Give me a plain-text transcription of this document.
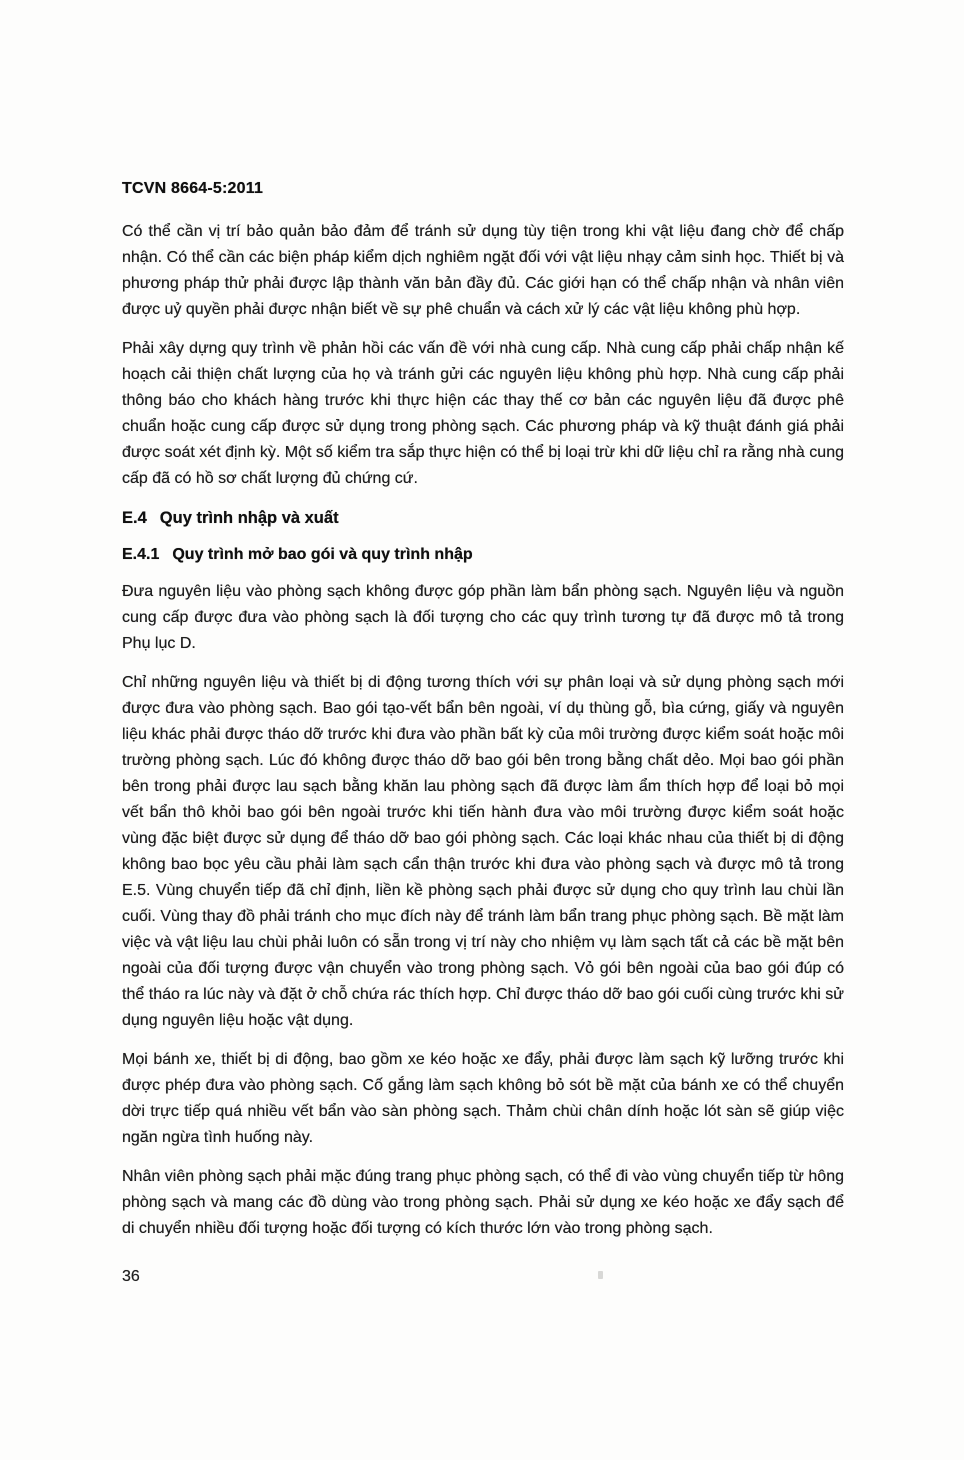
TCVN 8664-5:2011

Có thể cần vị trí bảo quản bảo đảm để tránh sử dụng tùy tiện trong khi vật liệu đang chờ để chấp nhận. Có thể cần các biện pháp kiểm dịch nghiêm ngặt đối với vật liệu nhạy cảm sinh học. Thiết bị và phương pháp thử phải được lập thành văn bản đầy đủ. Các giới hạn có thể chấp nhận và nhân viên được uỷ quyền phải được nhận biết về sự phê chuẩn và cách xử lý các vật liệu không phù hợp.

Phải xây dựng quy trình về phản hồi các vấn đề với nhà cung cấp. Nhà cung cấp phải chấp nhận kế hoạch cải thiện chất lượng của họ và tránh gửi các nguyên liệu không phù hợp. Nhà cung cấp phải thông báo cho khách hàng trước khi thực hiện các thay thế cơ bản các nguyên liệu đã được phê chuẩn hoặc cung cấp được sử dụng trong phòng sạch. Các phương pháp và kỹ thuật đánh giá phải được soát xét định kỳ. Một số kiểm tra sắp thực hiện có thể bị loại trừ khi dữ liệu chỉ ra rằng nhà cung cấp đã có hồ sơ chất lượng đủ chứng cứ.

E.4 Quy trình nhập và xuất
E.4.1 Quy trình mở bao gói và quy trình nhập

Đưa nguyên liệu vào phòng sạch không được góp phần làm bẩn phòng sạch. Nguyên liệu và nguồn cung cấp được đưa vào phòng sạch là đối tượng cho các quy trình tương tự đã được mô tả trong Phụ lục D.

Chỉ những nguyên liệu và thiết bị di động tương thích với sự phân loại và sử dụng phòng sạch mới được đưa vào phòng sạch. Bao gói tạo-vết bẩn bên ngoài, ví dụ thùng gỗ, bìa cứng, giấy và nguyên liệu khác phải được tháo dỡ trước khi đưa vào phần bất kỳ của môi trường được kiểm soát hoặc môi trường phòng sạch. Lúc đó không được tháo dỡ bao gói bên trong bằng chất dẻo. Mọi bao gói phần bên trong phải được lau sạch bằng khăn lau phòng sạch đã được làm ẩm thích hợp để loại bỏ mọi vết bẩn thô khỏi bao gói bên ngoài trước khi tiến hành đưa vào môi trường được kiểm soát hoặc vùng đặc biệt được sử dụng để tháo dỡ bao gói phòng sạch. Các loại khác nhau của thiết bị di động không bao bọc yêu cầu phải làm sạch cẩn thận trước khi đưa vào phòng sạch và được mô tả trong E.5. Vùng chuyển tiếp đã chỉ định, liền kề phòng sạch phải được sử dụng cho quy trình lau chùi lần cuối. Vùng thay đồ phải tránh cho mục đích này để tránh làm bẩn trang phục phòng sạch. Bề mặt làm việc và vật liệu lau chùi phải luôn có sẵn trong vị trí này cho nhiệm vụ làm sạch tất cả các bề mặt bên ngoài của đối tượng được vận chuyển vào trong phòng sạch. Vỏ gói bên ngoài của bao gói đúp có thể tháo ra lúc này và đặt ở chỗ chứa rác thích hợp. Chỉ được tháo dỡ bao gói cuối cùng trước khi sử dụng nguyên liệu hoặc vật dụng.

Mọi bánh xe, thiết bị di động, bao gồm xe kéo hoặc xe đẩy, phải được làm sạch kỹ lưỡng trước khi được phép đưa vào phòng sạch. Cố gắng làm sạch không bỏ sót bề mặt của bánh xe có thể chuyển dời trực tiếp quá nhiều vết bẩn vào sàn phòng sạch. Thảm chùi chân dính hoặc lót sàn sẽ giúp việc ngăn ngừa tình huống này.

Nhân viên phòng sạch phải mặc đúng trang phục phòng sạch, có thể đi vào vùng chuyển tiếp từ hông phòng sạch và mang các đồ dùng vào trong phòng sạch. Phải sử dụng xe kéo hoặc xe đẩy sạch để di chuyển nhiều đối tượng hoặc đối tượng có kích thước lớn vào trong phòng sạch.

36
